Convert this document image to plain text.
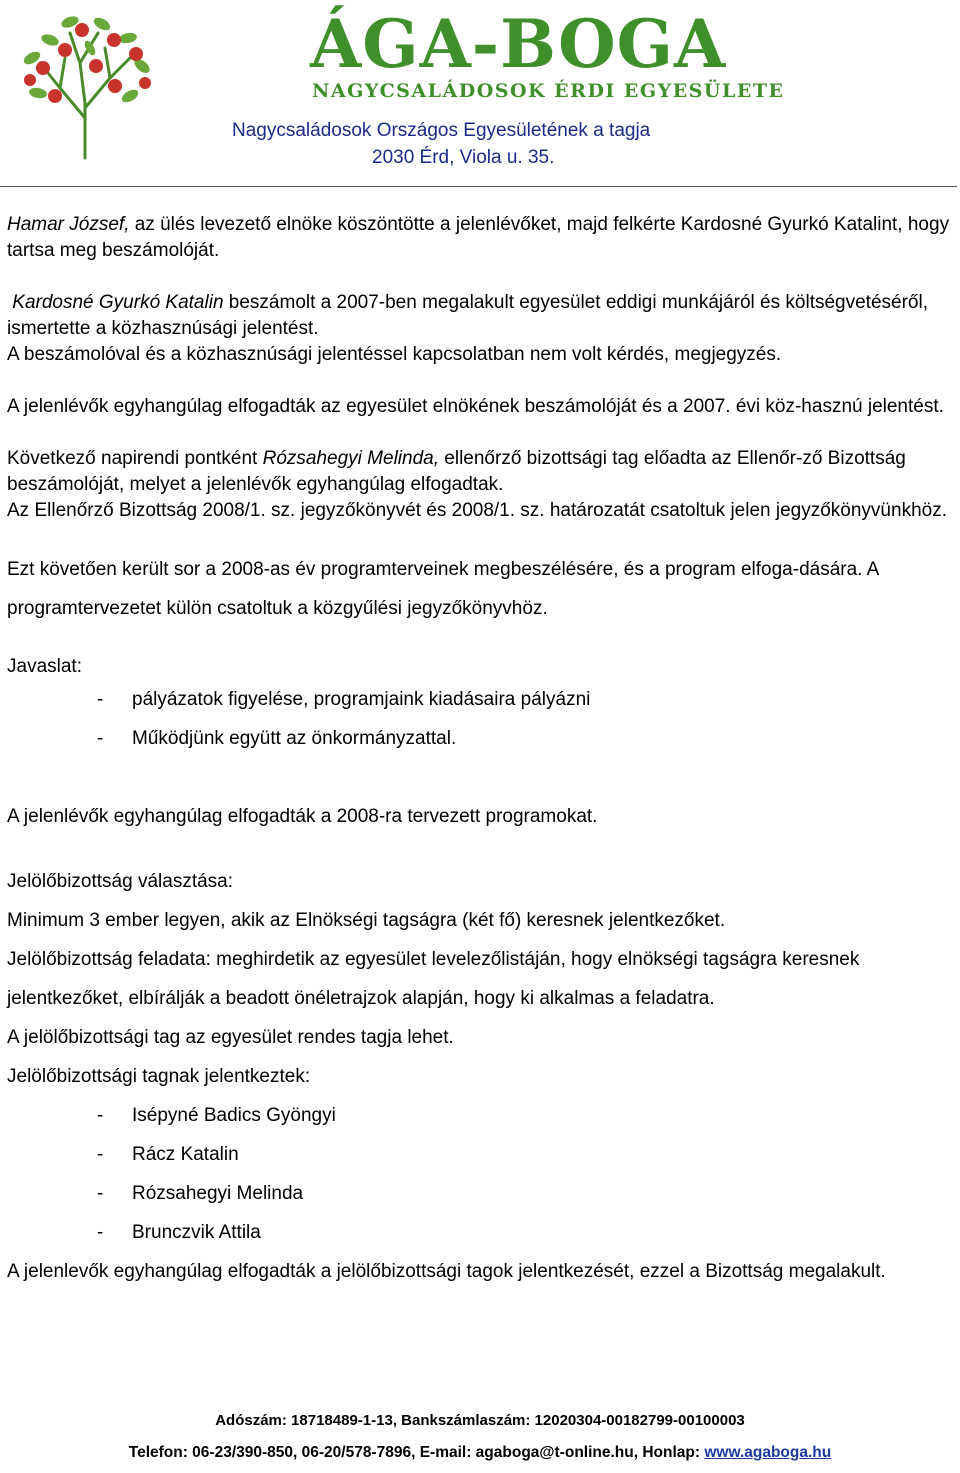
ÁGA-BOGA
NAGYCSALÁDOSOK ÉRDI EGYESÜLETE
Nagycsaládosok Országos Egyesületének a tagja
2030 Érd, Viola u. 35.

Hamar József, az ülés levezető elnöke köszöntötte a jelenlévőket, majd felkérte Kardosné Gyurkó Katalint, hogy tartsa meg beszámolóját.

Kardosné Gyurkó Katalin beszámolt a 2007-ben megalakult egyesület eddigi munkájáról és költségvetéséről, ismertette a közhasznúsági jelentést.

A beszámolóval és a közhasznúsági jelentéssel kapcsolatban nem volt kérdés, megjegyzés.

A jelenlévők egyhangúlag elfogadták az egyesület elnökének beszámolóját és a 2007. évi köz-hasznú jelentést.

Következő napirendi pontként Rózsahegyi Melinda, ellenőrző bizottsági tag előadta az Ellenőr-ző Bizottság beszámolóját, melyet a jelenlévők egyhangúlag elfogadtak.

Az Ellenőrző Bizottság 2008/1. sz. jegyzőkönyvét és 2008/1. sz. határozatát csatoltuk jelen jegyzőkönyvünkhöz.

Ezt követően került sor a 2008-as év programterveinek megbeszélésére, és a program elfoga-dására. A programtervezetet külön csatoltuk a közgyűlési jegyzőkönyvhöz.

Javaslat:

- pályázatok figyelése, programjaink kiadásaira pályázni
- Működjünk együtt az önkormányzattal.

A jelenlévők egyhangúlag elfogadták a 2008-ra tervezett programokat.

Jelölőbizottság választása:

Minimum 3 ember legyen, akik az Elnökségi tagságra (két fő) keresnek jelentkezőket.

Jelölőbizottság feladata: meghirdetik az egyesület levelezőlistáján, hogy elnökségi tagságra keresnek jelentkezőket, elbírálják a beadott önéletrajzok alapján, hogy ki alkalmas a feladatra.

A jelölőbizottsági tag az egyesület rendes tagja lehet.

Jelölőbizottsági tagnak jelentkeztek:

- Isépyné Badics Gyöngyi
- Rácz Katalin
- Rózsahegyi Melinda
- Brunczvik Attila

A jelenlevők egyhangúlag elfogadták a jelölőbizottsági tagok jelentkezését, ezzel a Bizottság megalakult.

Adószám: 18718489-1-13, Bankszámlaszám: 12020304-00182799-00100003
Telefon: 06-23/390-850, 06-20/578-7896, E-mail: agaboga@t-online.hu, Honlap: www.agaboga.hu
